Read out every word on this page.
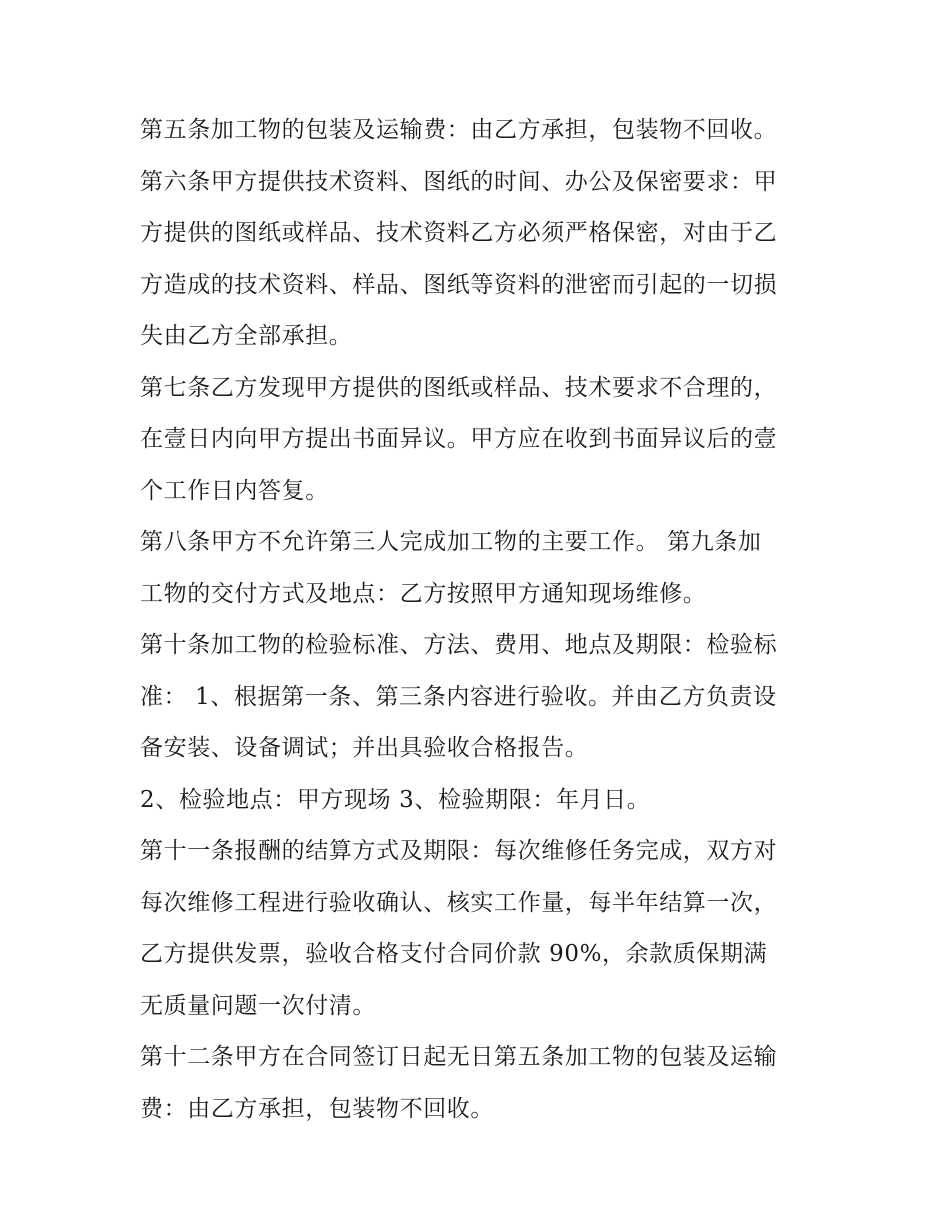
第五条加工物的包装及运输费：由乙方承担，包装物不回收。
第六条甲方提供技术资料、图纸的时间、办公及保密要求：甲
方提供的图纸或样品、技术资料乙方必须严格保密，对由于乙
方造成的技术资料、样品、图纸等资料的泄密而引起的一切损
失由乙方全部承担。
第七条乙方发现甲方提供的图纸或样品、技术要求不合理的，
在壹日内向甲方提出书面异议。甲方应在收到书面异议后的壹
个工作日内答复。
第八条甲方不允许第三人完成加工物的主要工作。 第九条加
工物的交付方式及地点：乙方按照甲方通知现场维修。
第十条加工物的检验标准、方法、费用、地点及期限：检验标
准： 1、根据第一条、第三条内容进行验收。并由乙方负责设
备安装、设备调试；并出具验收合格报告。
2、检验地点：甲方现场 3、检验期限：年月日。
第十一条报酬的结算方式及期限：每次维修任务完成，双方对
每次维修工程进行验收确认、核实工作量，每半年结算一次，
乙方提供发票，验收合格支付合同价款 90%，余款质保期满
无质量问题一次付清。
第十二条甲方在合同签订日起无日第五条加工物的包装及运输
费：由乙方承担，包装物不回收。
